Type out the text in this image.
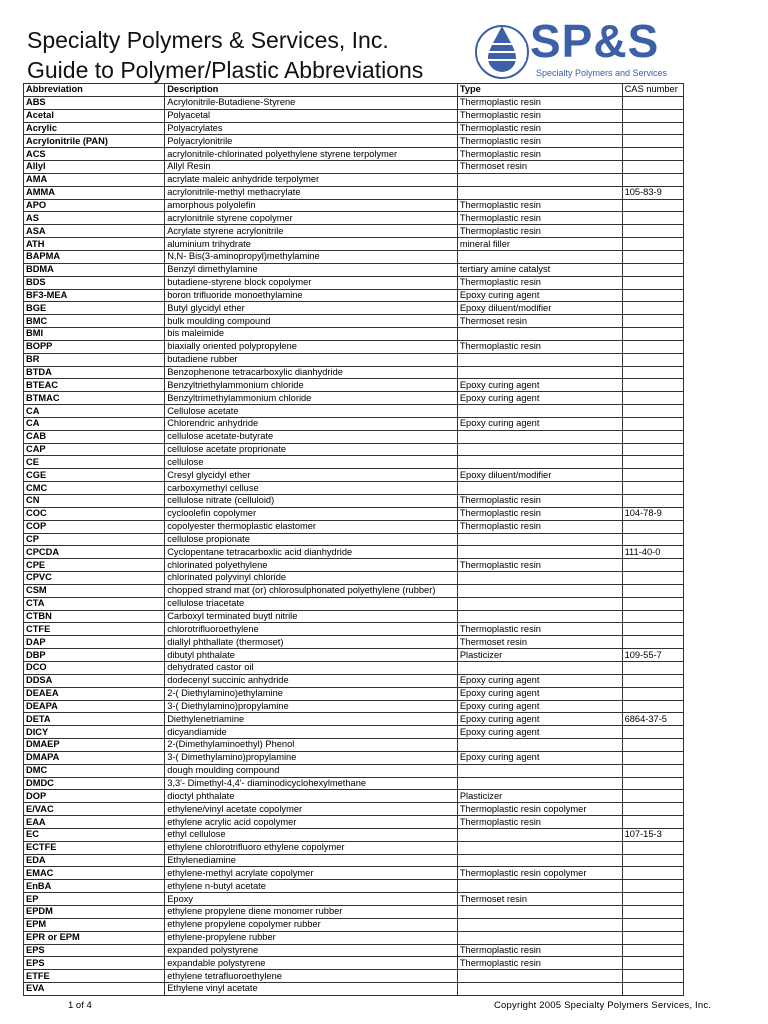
Specialty Polymers & Services, Inc.
Guide to Polymer/Plastic Abbreviations
SP&S
Specialty Polymers and Services
Abbreviation	Description	Type	CAS number
ABS	Acrylonitrile-Butadiene-Styrene	Thermoplastic resin	
Acetal	Polyacetal	Thermoplastic resin	
Acrylic	Polyacrylates	Thermoplastic resin	
Acrylonitrile (PAN)	Polyacrylonitrile	Thermoplastic resin	
ACS	acrylonitrile-chlorinated polyethylene styrene terpolymer	Thermoplastic resin	
Allyl	Allyl Resin	Thermoset resin	
AMA	acrylate maleic anhydride terpolymer		
AMMA	acrylonitrile-methyl methacrylate		105-83-9
APO	amorphous polyolefin	Thermoplastic resin	
AS	acrylonitrile styrene copolymer	Thermoplastic resin	
ASA	Acrylate styrene acrylonitrile	Thermoplastic resin	
ATH	aluminium trihydrate	mineral filler	
BAPMA	N,N- Bis(3-aminopropyl)methylamine		
BDMA	Benzyl dimethylamine	tertiary amine catalyst	
BDS	butadiene-styrene block copolymer	Thermoplastic resin	
BF3-MEA	boron trifluoride monoethylamine	Epoxy curing agent	
BGE	Butyl glycidyl ether	Epoxy diluent/modifier	
BMC	bulk moulding compound	Thermoset resin	
BMI	bis maleimide		
BOPP	biaxially oriented polypropylene	Thermoplastic resin	
BR	butadiene rubber		
BTDA	Benzophenone tetracarboxylic dianhydride		
BTEAC	Benzyltriethylammonium chloride	Epoxy curing agent	
BTMAC	Benzyltrimethylammonium chloride	Epoxy curing agent	
CA	Cellulose acetate		
CA	Chlorendric anhydride	Epoxy curing agent	
CAB	cellulose acetate-butyrate		
CAP	cellulose acetate proprionate		
CE	cellulose		
CGE	Cresyl glycidyl ether	Epoxy diluent/modifier	
CMC	carboxymethyl celluse		
CN	cellulose nitrate (celluloid)	Thermoplastic resin	
COC	cycloolefin copolymer	Thermoplastic resin	104-78-9
COP	copolyester thermoplastic elastomer	Thermoplastic resin	
CP	cellulose propionate		
CPCDA	Cyclopentane tetracarboxlic acid dianhydride		111-40-0
CPE	chlorinated polyethylene	Thermoplastic resin	
CPVC	chlorinated polyvinyl chloride		
CSM	chopped strand mat (or) chlorosulphonated polyethylene (rubber)		
CTA	cellulose triacetate		
CTBN	Carboxyl terminated buytl nitrile		
CTFE	chlorotrifluoroethylene	Thermoplastic resin	
DAP	diallyl phthallate (thermoset)	Thermoset resin	
DBP	dibutyl phthalate	Plasticizer	109-55-7
DCO	dehydrated castor oil		
DDSA	dodecenyl succinic anhydride	Epoxy curing agent	
DEAEA	2-( Diethylamino)ethylamine	Epoxy curing agent	
DEAPA	3-( Diethylamino)propylamine	Epoxy curing agent	
DETA	Diethylenetriamine	Epoxy curing agent	6864-37-5
DICY	dicyandiamide	Epoxy curing agent	
DMAEP	2-(Dimethylaminoethyl) Phenol		
DMAPA	3-( Dimethylamino)propylamine	Epoxy curing agent	
DMC	dough moulding compound		
DMDC	3,3'- Dimethyl-4,4'- diaminodicyclohexylmethane		
DOP	dioctyl phthalate	Plasticizer	
E/VAC	ethylene/vinyl acetate copolymer	Thermoplastic resin copolymer	
EAA	ethylene acrylic acid copolymer	Thermoplastic resin	
EC	ethyl cellulose		107-15-3
ECTFE	ethylene chlorotrifluoro ethylene copolymer		
EDA	Ethylenediamine		
EMAC	ethylene-methyl acrylate copolymer	Thermoplastic resin copolymer	
EnBA	ethylene n-butyl acetate		
EP	Epoxy	Thermoset resin	
EPDM	ethylene propylene diene monomer rubber		
EPM	ethylene propylene copolymer rubber		
EPR or EPM	ethylene-propylene rubber		
EPS	expanded polystyrene	Thermoplastic resin	
EPS	expandable polystyrene	Thermoplastic resin	
ETFE	ethylene tetrafluoroethylene		
EVA	Ethylene vinyl acetate		
1 of 4	Copyright 2005 Specialty Polymers Services, Inc.
